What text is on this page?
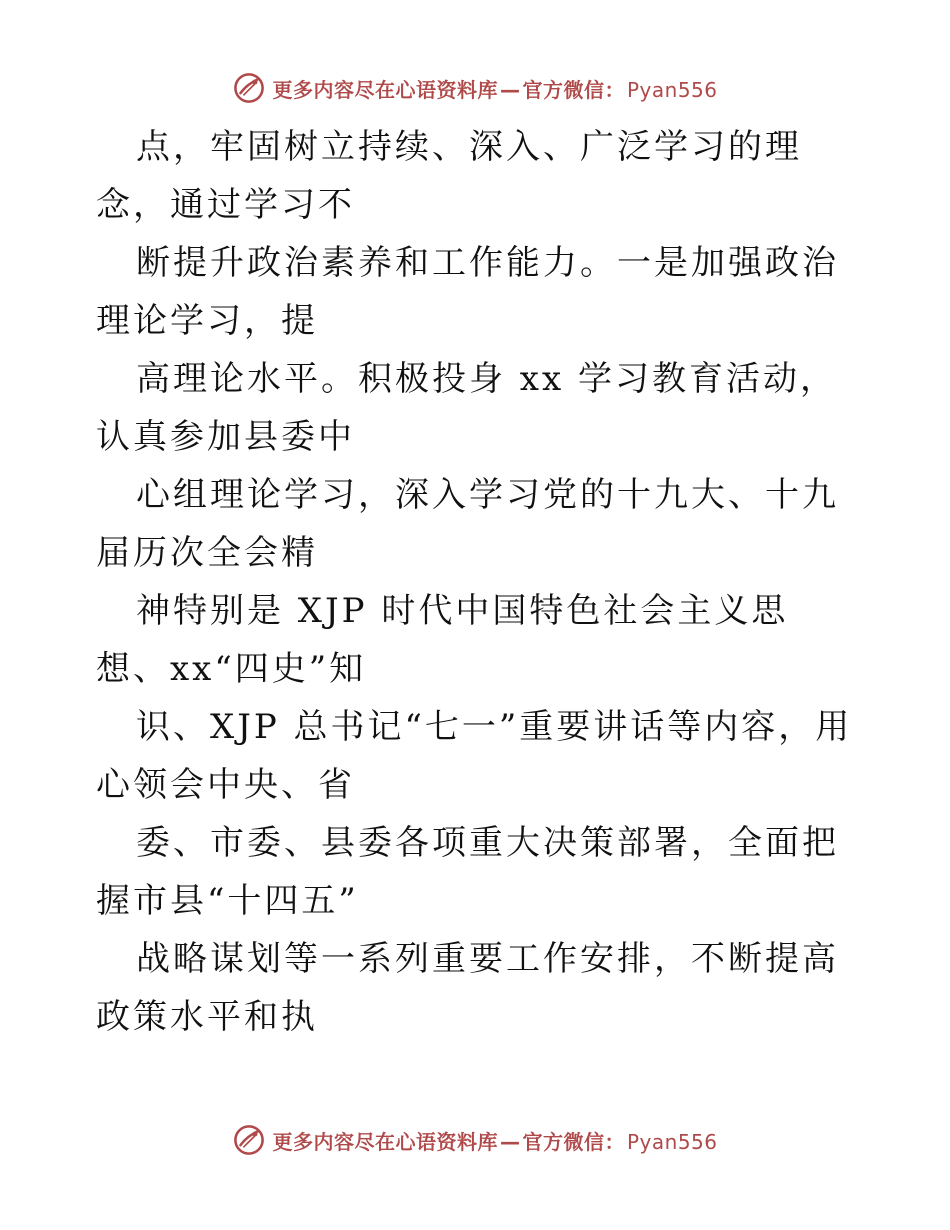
更多内容尽在心语资料库 — 官方微信： Pyan556

点，牢固树立持续、深入、广泛学习的理念，通过学习不

断提升政治素养和工作能力。一是加强政治理论学习，提

高理论水平。积极投身 xx 学习教育活动，认真参加县委中

心组理论学习，深入学习党的十九大、十九届历次全会精

神特别是 XJP 时代中国特色社会主义思想、xx“四史”知

识、XJP 总书记“七一”重要讲话等内容，用心领会中央、省

委、市委、县委各项重大决策部署，全面把握市县“十四五”

战略谋划等一系列重要工作安排，不断提高政策水平和执

更多内容尽在心语资料库 — 官方微信： Pyan556
